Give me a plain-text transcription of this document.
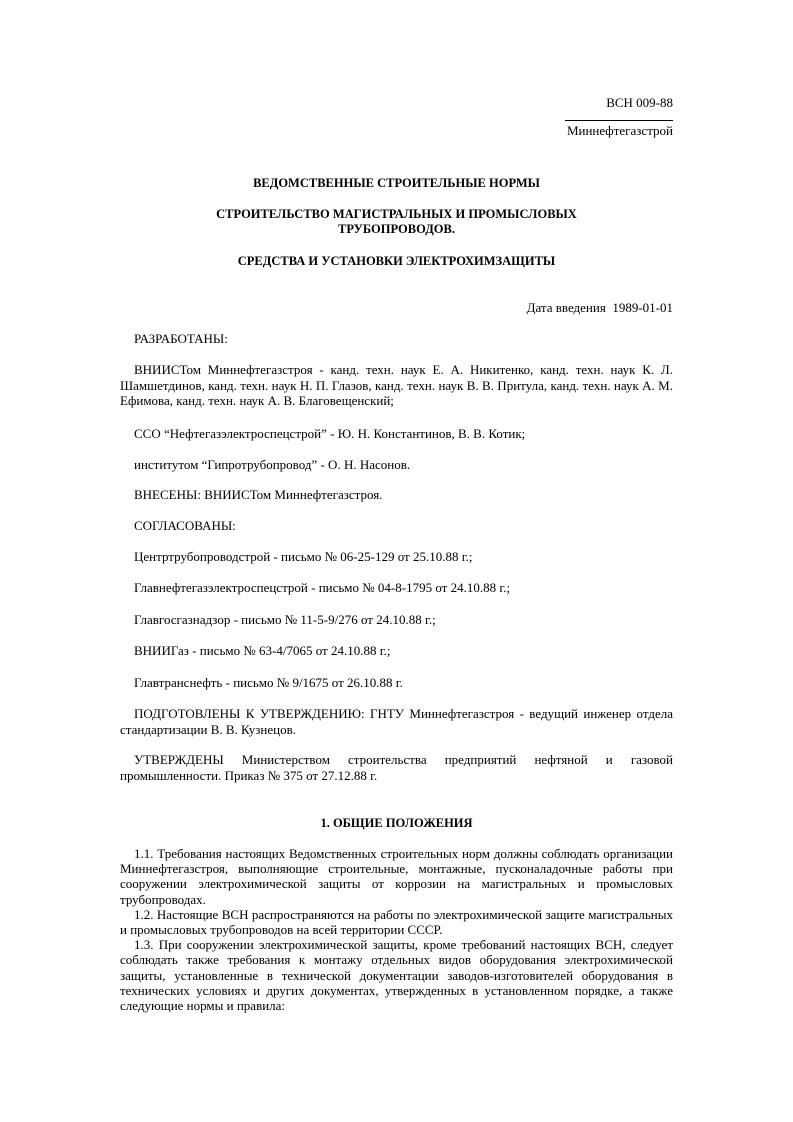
ВСН 009-88
Миннефтегазстрой
ВЕДОМСТВЕННЫЕ СТРОИТЕЛЬНЫЕ НОРМЫ
СТРОИТЕЛЬСТВО МАГИСТРАЛЬНЫХ И ПРОМЫСЛОВЫХ
ТРУБОПРОВОДОВ.
СРЕДСТВА И УСТАНОВКИ ЭЛЕКТРОХИМЗАЩИТЫ
Дата введения 1989-01-01
РАЗРАБОТАНЫ:
ВНИИСТом Миннефтегазстроя - канд. техн. наук Е. А. Никитенко, канд. техн. наук К. Л. Шамшетдинов, канд. техн. наук Н. П. Глазов, канд. техн. наук В. В. Притула, канд. техн. наук А. М. Ефимова, канд. техн. наук А. В. Благовещенский;
ССО “Нефтегазэлектроспецстрой” - Ю. Н. Константинов, В. В. Котик;
институтом “Гипротрубопровод” - О. Н. Насонов.
ВНЕСЕНЫ: ВНИИСТом Миннефтегазстроя.
СОГЛАСОВАНЫ:
Центртрубопроводстрой - письмо № 06-25-129 от 25.10.88 г.;
Главнефтегазэлектроспецстрой - письмо № 04-8-1795 от 24.10.88 г.;
Главгосгазнадзор - письмо № 11-5-9/276 от 24.10.88 г.;
ВНИИГаз - письмо № 63-4/7065 от 24.10.88 г.;
Главтранснефть - письмо № 9/1675 от 26.10.88 г.
ПОДГОТОВЛЕНЫ К УТВЕРЖДЕНИЮ: ГНТУ Миннефтегазстроя - ведущий инженер отдела стандартизации В. В. Кузнецов.
УТВЕРЖДЕНЫ Министерством строительства предприятий нефтяной и газовой промышленности. Приказ № 375 от 27.12.88 г.
1. ОБЩИЕ ПОЛОЖЕНИЯ

1.1. Требования настоящих Ведомственных строительных норм должны соблюдать организации Миннефтегазстроя, выполняющие строительные, монтажные, пусконаладочные работы при сооружении электрохимической защиты от коррозии на магистральных и промысловых трубопроводах.

1.2. Настоящие ВСН распространяются на работы по электрохимической защите магистральных и промысловых трубопроводов на всей территории СССР.

1.3. При сооружении электрохимической защиты, кроме требований настоящих ВСН, следует соблюдать также требования к монтажу отдельных видов оборудования электрохимической защиты, установленные в технической документации заводов-изготовителей оборудования в технических условиях и других документах, утвержденных в установленном порядке, а также следующие нормы и правила:
